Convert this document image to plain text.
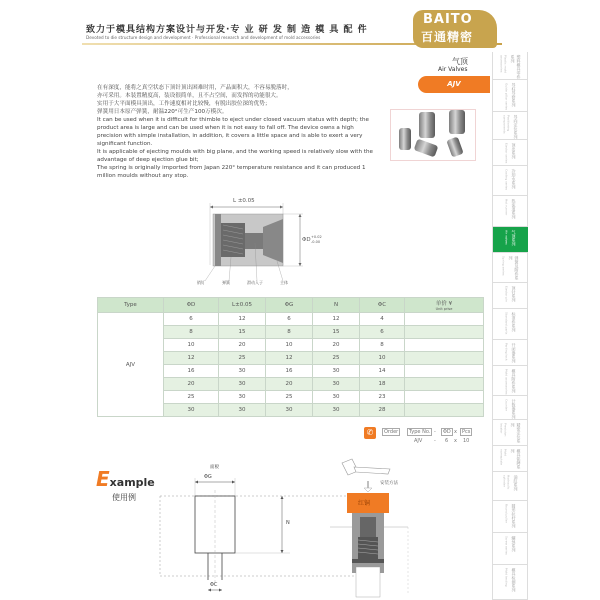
致力于模具结构方案设计与开发·专 业 研 发 制 造 模 具 配 件
Devoted to die structure design and development · Professional research and development of mold accessories
BAITO
百通精密
气顶
Air Valves
AJV

在有深度，能将之真空状态下顶针顶出困难时用，产品面积大，不容易脱落时，

亦可采用。本装置精度高，装设很简单，且不占空间，而发挥的功能很大。

实用于大平面模具顶出，工作速度相对比较慢，有脱出胶位深的优势；

弹簧用日本原产弹簧，耐温220°可生产100万模次。

It can be used when it is difficult for thimble to eject under closed vacuum status with depth; the product area is large and can be used when it is not easy to fall off. The device owns a high precision with simple installation, in addition, it covers a little space and is able to exert a very significant function.

It is applicable of ejecting moulds with big plane, and the working speed is relatively slow with the advantage of deep ejection glue bit;

The spring is originally imported from Japan 220° temperature resistance and it can produced 1 million moulds without any stop.

L ±0.05
ΦD +0.02
-0.00
销钉	弹簧	滑动入子	主体
Type	ΦD	L±0.05	ΦG	N	ΦC	单价 ¥
Unit prise

AJV	6	12	6	12	4	
	8	15	8	15	6	
	10	20	10	20	8	
	12	25	12	25	10	
	16	30	16	30	14	
	20	30	20	30	18	
	25	30	25	30	23	
	30	30	30	30	28	
✆	Order	Type No. -	ΦD x	Pcs
AJV - 6 x 10
Example
使用例
面板
ΦG
N
ΦC
安装方法
红铜
Plastic mold accessories	塑料模具零件系列
Guide pillar series 导柱导套系列
Positioning components	导向定位系列
Ejector series 顶出系列
Cooling series 冷却水系列
Hot runner 热流道系列
Air valves 气顶系列
Spring series	弹簧及附件系列
Ejector pin 顶针系列
Standard parts 标准件系列
Parting lock 开闭器系列
Mold accessories 模具附件系列
Counter 计数器系列
Precision locator	精密定位系列
Mold nameplate	模具铭牌系列
Hydraulic cylinder	油缸系列
Round puller 圆形拉杆系列
Screw series 螺丝系列
Mold testing 模具检测系列
